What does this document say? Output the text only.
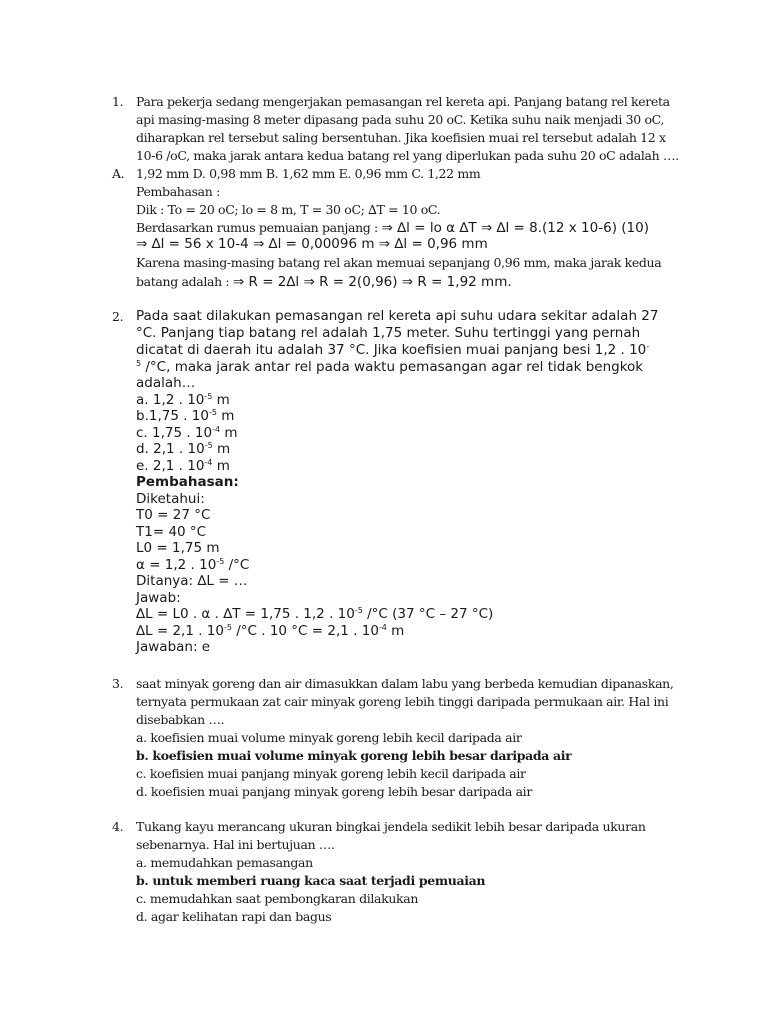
1. Para pekerja sedang mengerjakan pemasangan rel kereta api. Panjang batang rel kereta
api masing-masing 8 meter dipasang pada suhu 20 oC. Ketika suhu naik menjadi 30 oC,
diharapkan rel tersebut saling bersentuhan. Jika koefisien muai rel tersebut adalah 12 x
10-6 /oC, maka jarak antara kedua batang rel yang diperlukan pada suhu 20 oC adalah ….
A. 1,92 mm D. 0,98 mm B. 1,62 mm E. 0,96 mm C. 1,22 mm
Pembahasan :
Dik : To = 20 oC; lo = 8 m, T = 30 oC; ∆T = 10 oC.
Berdasarkan rumus pemuaian panjang : ⇒ ∆l = lo α ∆T ⇒ ∆l = 8.(12 x 10-6) (10)
⇒ ∆l = 56 x 10-4 ⇒ ∆l = 0,00096 m ⇒ ∆l = 0,96 mm
Karena masing-masing batang rel akan memuai sepanjang 0,96 mm, maka jarak kedua
batang adalah : ⇒ R = 2∆l ⇒ R = 2(0,96) ⇒ R = 1,92 mm.
2. Pada saat dilakukan pemasangan rel kereta api suhu udara sekitar adalah 27
°C. Panjang tiap batang rel adalah 1,75 meter. Suhu tertinggi yang pernah
dicatat di daerah itu adalah 37 °C. Jika koefisien muai panjang besi 1,2 . 10-
$^5$ /°C, maka jarak antar rel pada waktu pemasangan agar rel tidak bengkok
adalah…
a. 1,2 . $10^{-5}$ m
b.1,75 . $10^{-5}$ m
c. 1,75 . $10^{-4}$ m
d. 2,1 . $10^{-5}$ m
e. 2,1 . $10^{-4}$ m
Pembahasan:
Diketahui:
T0 = 27 °C
T1= 40 °C
L0 = 1,75 m
α = 1,2 . $10^{-5}$ /°C
Ditanya: ∆L = …
Jawab:
∆L = L0 . α . ∆T = 1,75 . 1,2 . $10^{-5}$ /°C (37 °C – 27 °C)
∆L = 2,1 . $10^{-5}$ /°C . 10 °C = 2,1 . $10^{-4}$ m
Jawaban: e
3. saat minyak goreng dan air dimasukkan dalam labu yang berbeda kemudian dipanaskan,
ternyata permukaan zat cair minyak goreng lebih tinggi daripada permukaan air. Hal ini
disebabkan ….
a. koefisien muai volume minyak goreng lebih kecil daripada air
b. koefisien muai volume minyak goreng lebih besar daripada air
c. koefisien muai panjang minyak goreng lebih kecil daripada air
d. koefisien muai panjang minyak goreng lebih besar daripada air
4. Tukang kayu merancang ukuran bingkai jendela sedikit lebih besar daripada ukuran
sebenarnya. Hal ini bertujuan ….
a. memudahkan pemasangan
b. untuk memberi ruang kaca saat terjadi pemuaian
c. memudahkan saat pembongkaran dilakukan
d. agar kelihatan rapi dan bagus
